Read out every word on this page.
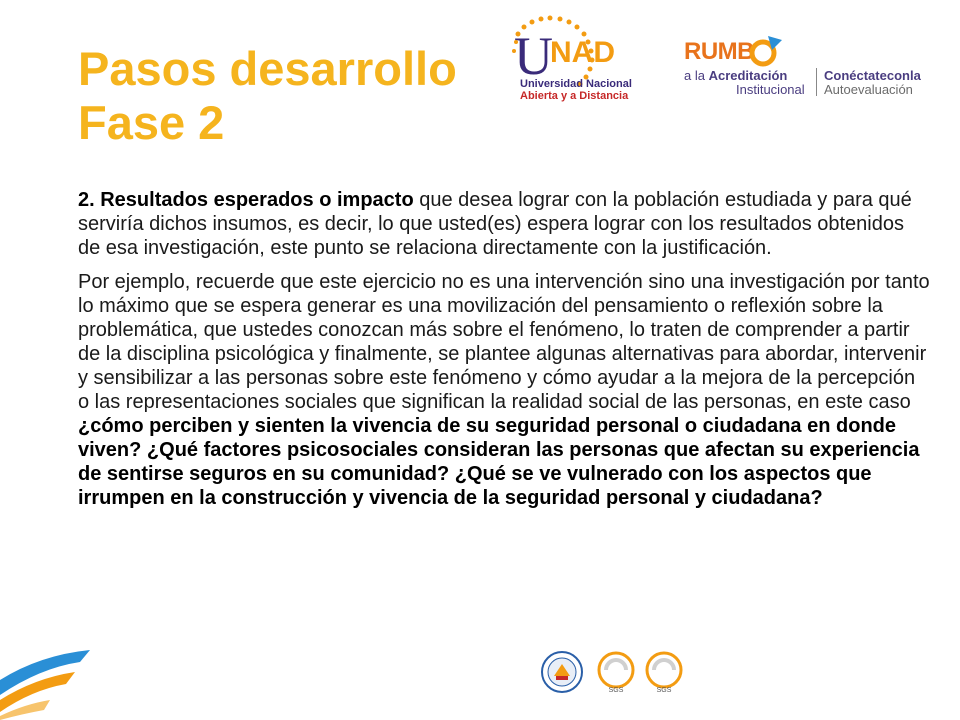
Pasos desarrollo
Fase 2
U
NAD
Universidad Nacional
Abierta y a Distancia
RUMB
a la Acreditación
Institucional
Conéctateconla
Autoevaluación

2. Resultados esperados o impacto que desea lograr con la población estudiada y para qué serviría dichos insumos, es decir, lo que usted(es) espera lograr con los resultados obtenidos de esa investigación, este punto se relaciona directamente con la justificación.

Por ejemplo, recuerde que este ejercicio no es una intervención sino una investigación por tanto lo máximo que se espera generar es una movilización del pensamiento o reflexión sobre la problemática, que ustedes conozcan más sobre el fenómeno, lo traten de comprender a partir de la disciplina psicológica y finalmente, se plantee algunas alternativas para abordar, intervenir y sensibilizar a las personas sobre este fenómeno y cómo ayudar a la mejora de la percepción o las representaciones sociales que significan la realidad social de las personas, en este caso ¿cómo perciben y sienten la vivencia de su seguridad personal o ciudadana en donde viven? ¿Qué factores psicosociales consideran las personas que afectan su experiencia de sentirse seguros en su comunidad? ¿Qué se ve vulnerado con los aspectos que irrumpen en la construcción y vivencia de la seguridad personal y ciudadana?

SGS	SGS
